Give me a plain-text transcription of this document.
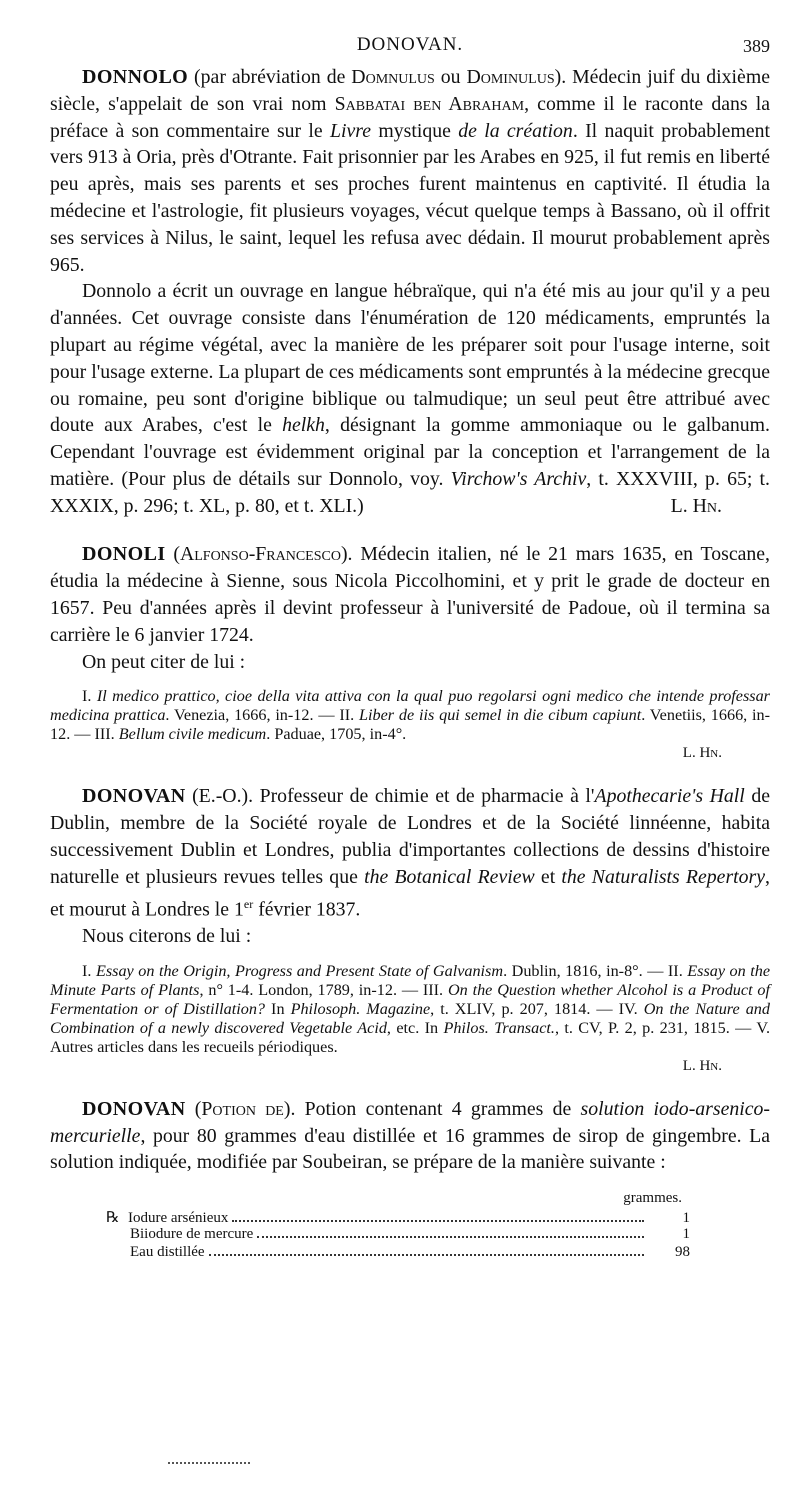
DONOVAN.	389

DONNOLO (par abréviation de Domnulus ou Dominulus). Médecin juif du dixième siècle, s'appelait de son vrai nom Sabbatai ben Abraham, comme il le raconte dans la préface à son commentaire sur le Livre mystique de la création. Il naquit probablement vers 913 à Oria, près d'Otrante. Fait prisonnier par les Arabes en 925, il fut remis en liberté peu après, mais ses parents et ses proches furent maintenus en captivité. Il étudia la médecine et l'astrologie, fit plusieurs voyages, vécut quelque temps à Bassano, où il offrit ses services à Nilus, le saint, lequel les refusa avec dédain. Il mourut probablement après 965.

Donnolo a écrit un ouvrage en langue hébraïque, qui n'a été mis au jour qu'il y a peu d'années. Cet ouvrage consiste dans l'énumération de 120 médicaments, empruntés la plupart au régime végétal, avec la manière de les préparer soit pour l'usage interne, soit pour l'usage externe. La plupart de ces médicaments sont empruntés à la médecine grecque ou romaine, peu sont d'origine biblique ou talmudique; un seul peut être attribué avec doute aux Arabes, c'est le helkh, désignant la gomme ammoniaque ou le galbanum. Cependant l'ouvrage est évidemment original par la conception et l'arrangement de la matière. (Pour plus de détails sur Donnolo, voy. Virchow's Archiv, t. XXXVIII, p. 65; t. XXXIX, p. 296; t. XL, p. 80, et t. XLI.)	L. Hn.

DONOLI (Alfonso-Francesco). Médecin italien, né le 21 mars 1635, en Toscane, étudia la médecine à Sienne, sous Nicola Piccolhomini, et y prit le grade de docteur en 1657. Peu d'années après il devint professeur à l'université de Padoue, où il termina sa carrière le 6 janvier 1724.

On peut citer de lui :

I. Il medico prattico, cioe della vita attiva con la qual puo regolarsi ogni medico che intende professar medicina prattica. Venezia, 1666, in-12. — II. Liber de iis qui semel in die cibum capiunt. Venetiis, 1666, in-12. — III. Bellum civile medicum. Paduae, 1705, in-4°.

L. Hn.

DONOVAN (E.-O.). Professeur de chimie et de pharmacie à l'Apothecarie's Hall de Dublin, membre de la Société royale de Londres et de la Société linnéenne, habita successivement Dublin et Londres, publia d'importantes collections de dessins d'histoire naturelle et plusieurs revues telles que the Botanical Review et the Naturalists Repertory, et mourut à Londres le 1er février 1837.

Nous citerons de lui :

I. Essay on the Origin, Progress and Present State of Galvanism. Dublin, 1816, in-8°. — II. Essay on the Minute Parts of Plants, n° 1-4. London, 1789, in-12. — III. On the Question whether Alcohol is a Product of Fermentation or of Distillation? In Philosoph. Magazine, t. XLIV, p. 207, 1814. — IV. On the Nature and Combination of a newly discovered Vegetable Acid, etc. In Philos. Transact., t. CV, P. 2, p. 231, 1815. — V. Autres articles dans les recueils périodiques.

L. Hn.

DONOVAN (Potion de). Potion contenant 4 grammes de solution iodo-arsenico-mercurielle, pour 80 grammes d'eau distillée et 16 grammes de sirop de gingembre. La solution indiquée, modifiée par Soubeiran, se prépare de la manière suivante :

grammes.
℞ Iodure arsénieux	1
Biiodure de mercure	1
Eau distillée	98
